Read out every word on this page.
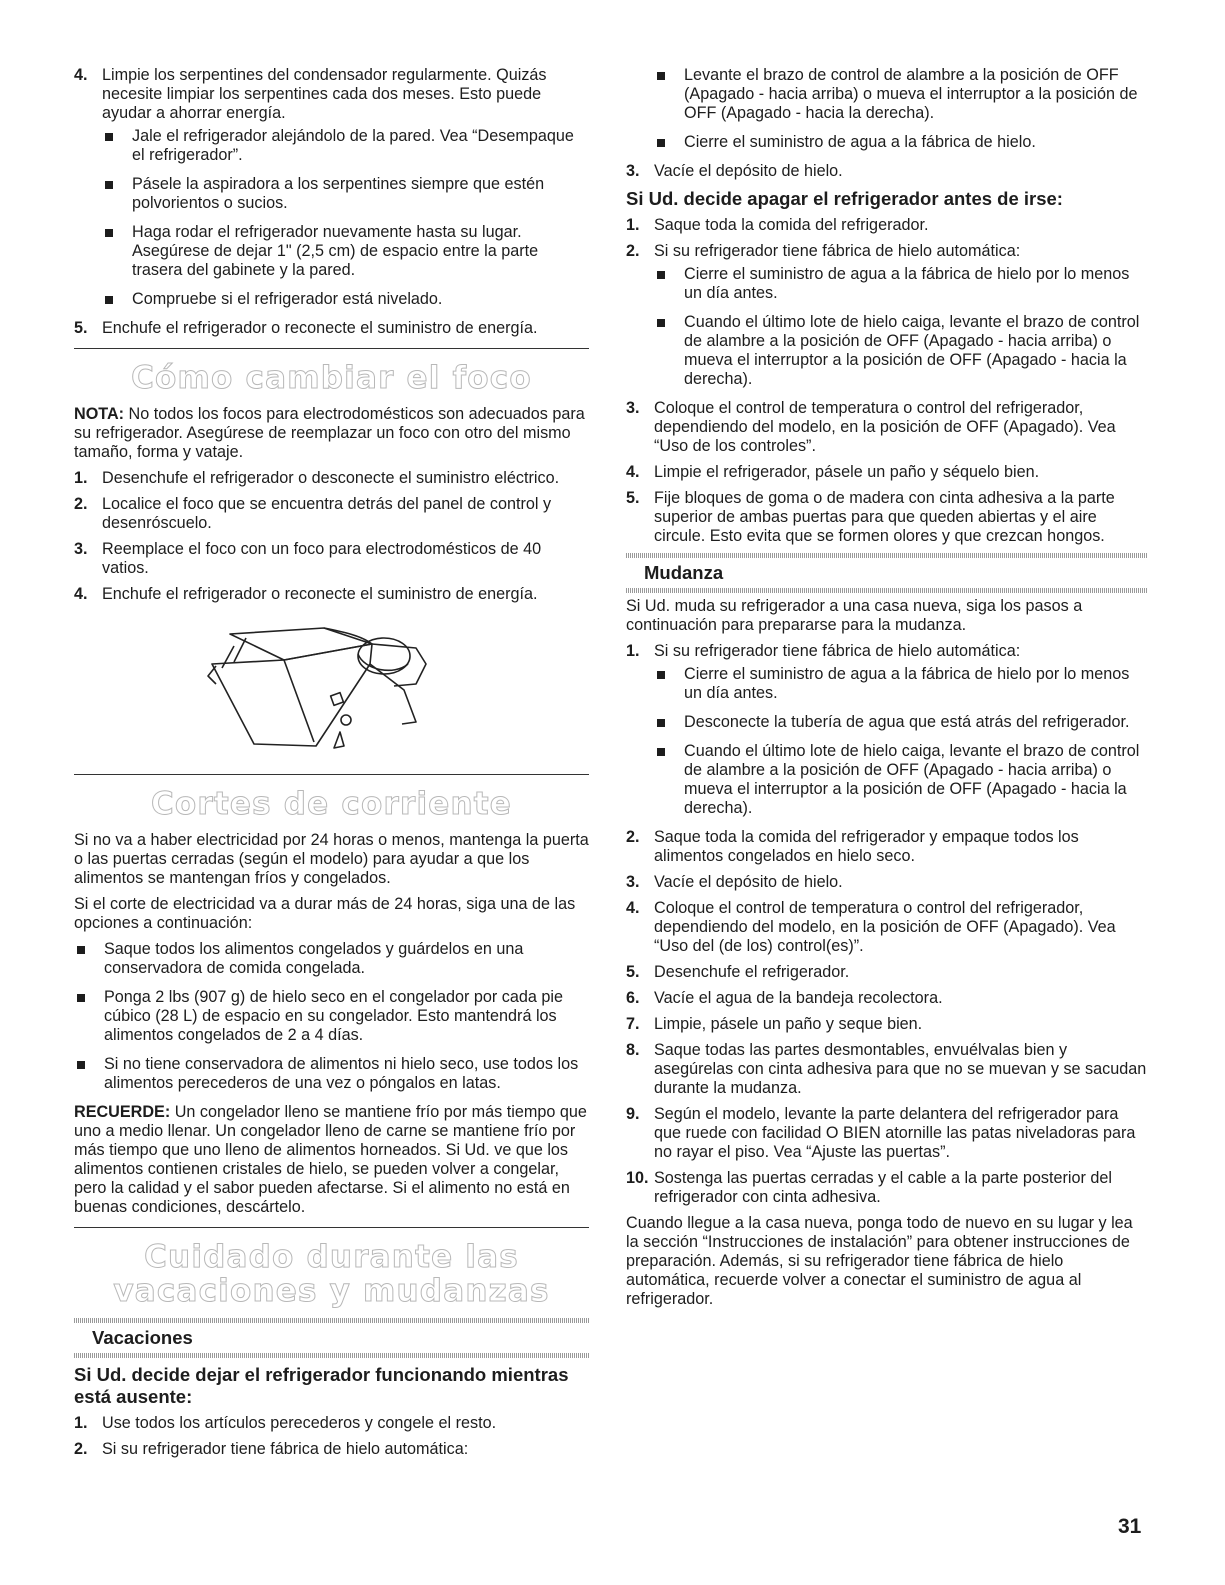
4. Limpie los serpentines del condensador regularmente. Quizás necesite limpiar los serpentines cada dos meses. Esto puede ayudar a ahorrar energía.
Jale el refrigerador alejándolo de la pared. Vea “Desempaque el refrigerador”.
Pásele la aspiradora a los serpentines siempre que estén polvorientos o sucios.
Haga rodar el refrigerador nuevamente hasta su lugar. Asegúrese de dejar 1" (2,5 cm) de espacio entre la parte trasera del gabinete y la pared.
Compruebe si el refrigerador está nivelado.
5. Enchufe el refrigerador o reconecte el suministro de energía.
Cómo cambiar el foco

NOTA: No todos los focos para electrodomésticos son adecuados para su refrigerador. Asegúrese de reemplazar un foco con otro del mismo tamaño, forma y vataje.

1. Desenchufe el refrigerador o desconecte el suministro eléctrico.
2. Localice el foco que se encuentra detrás del panel de control y desenróscuelo.
3. Reemplace el foco con un foco para electrodomésticos de 40 vatios.
4. Enchufe el refrigerador o reconecte el suministro de energía.
Cortes de corriente

Si no va a haber electricidad por 24 horas o menos, mantenga la puerta o las puertas cerradas (según el modelo) para ayudar a que los alimentos se mantengan fríos y congelados.

Si el corte de electricidad va a durar más de 24 horas, siga una de las opciones a continuación:

Saque todos los alimentos congelados y guárdelos en una conservadora de comida congelada.
Ponga 2 lbs (907 g) de hielo seco en el congelador por cada pie cúbico (28 L) de espacio en su congelador. Esto mantendrá los alimentos congelados de 2 a 4 días.
Si no tiene conservadora de alimentos ni hielo seco, use todos los alimentos perecederos de una vez o póngalos en latas.

RECUERDE: Un congelador lleno se mantiene frío por más tiempo que uno a medio llenar. Un congelador lleno de carne se mantiene frío por más tiempo que uno lleno de alimentos horneados. Si Ud. ve que los alimentos contienen cristales de hielo, se pueden volver a congelar, pero la calidad y el sabor pueden afectarse. Si el alimento no está en buenas condiciones, descártelo.

Cuidado durante las vacaciones y mudanzas
Vacaciones
Si Ud. decide dejar el refrigerador funcionando mientras está ausente:
1. Use todos los artículos perecederos y congele el resto.
2. Si su refrigerador tiene fábrica de hielo automática:
Levante el brazo de control de alambre a la posición de OFF (Apagado - hacia arriba) o mueva el interruptor a la posición de OFF (Apagado - hacia la derecha).
Cierre el suministro de agua a la fábrica de hielo.
3. Vacíe el depósito de hielo.
Si Ud. decide apagar el refrigerador antes de irse:
1. Saque toda la comida del refrigerador.
2. Si su refrigerador tiene fábrica de hielo automática:
Cierre el suministro de agua a la fábrica de hielo por lo menos un día antes.
Cuando el último lote de hielo caiga, levante el brazo de control de alambre a la posición de OFF (Apagado - hacia arriba) o mueva el interruptor a la posición de OFF (Apagado - hacia la derecha).
3. Coloque el control de temperatura o control del refrigerador, dependiendo del modelo, en la posición de OFF (Apagado). Vea “Uso de los controles”.
4. Limpie el refrigerador, pásele un paño y séquelo bien.
5. Fije bloques de goma o de madera con cinta adhesiva a la parte superior de ambas puertas para que queden abiertas y el aire circule. Esto evita que se formen olores y que crezcan hongos.
Mudanza

Si Ud. muda su refrigerador a una casa nueva, siga los pasos a continuación para prepararse para la mudanza.

1. Si su refrigerador tiene fábrica de hielo automática:
Cierre el suministro de agua a la fábrica de hielo por lo menos un día antes.
Desconecte la tubería de agua que está atrás del refrigerador.
Cuando el último lote de hielo caiga, levante el brazo de control de alambre a la posición de OFF (Apagado - hacia arriba) o mueva el interruptor a la posición de OFF (Apagado - hacia la derecha).
2. Saque toda la comida del refrigerador y empaque todos los alimentos congelados en hielo seco.
3. Vacíe el depósito de hielo.
4. Coloque el control de temperatura o control del refrigerador, dependiendo del modelo, en la posición de OFF (Apagado). Vea “Uso del (de los) control(es)”.
5. Desenchufe el refrigerador.
6. Vacíe el agua de la bandeja recolectora.
7. Limpie, pásele un paño y seque bien.
8. Saque todas las partes desmontables, envuélvalas bien y asegúrelas con cinta adhesiva para que no se muevan y se sacudan durante la mudanza.
9. Según el modelo, levante la parte delantera del refrigerador para que ruede con facilidad O BIEN atornille las patas niveladoras para no rayar el piso. Vea “Ajuste las puertas”.
10. Sostenga las puertas cerradas y el cable a la parte posterior del refrigerador con cinta adhesiva.

Cuando llegue a la casa nueva, ponga todo de nuevo en su lugar y lea la sección “Instrucciones de instalación” para obtener instrucciones de preparación. Además, si su refrigerador tiene fábrica de hielo automática, recuerde volver a conectar el suministro de agua al refrigerador.

31
